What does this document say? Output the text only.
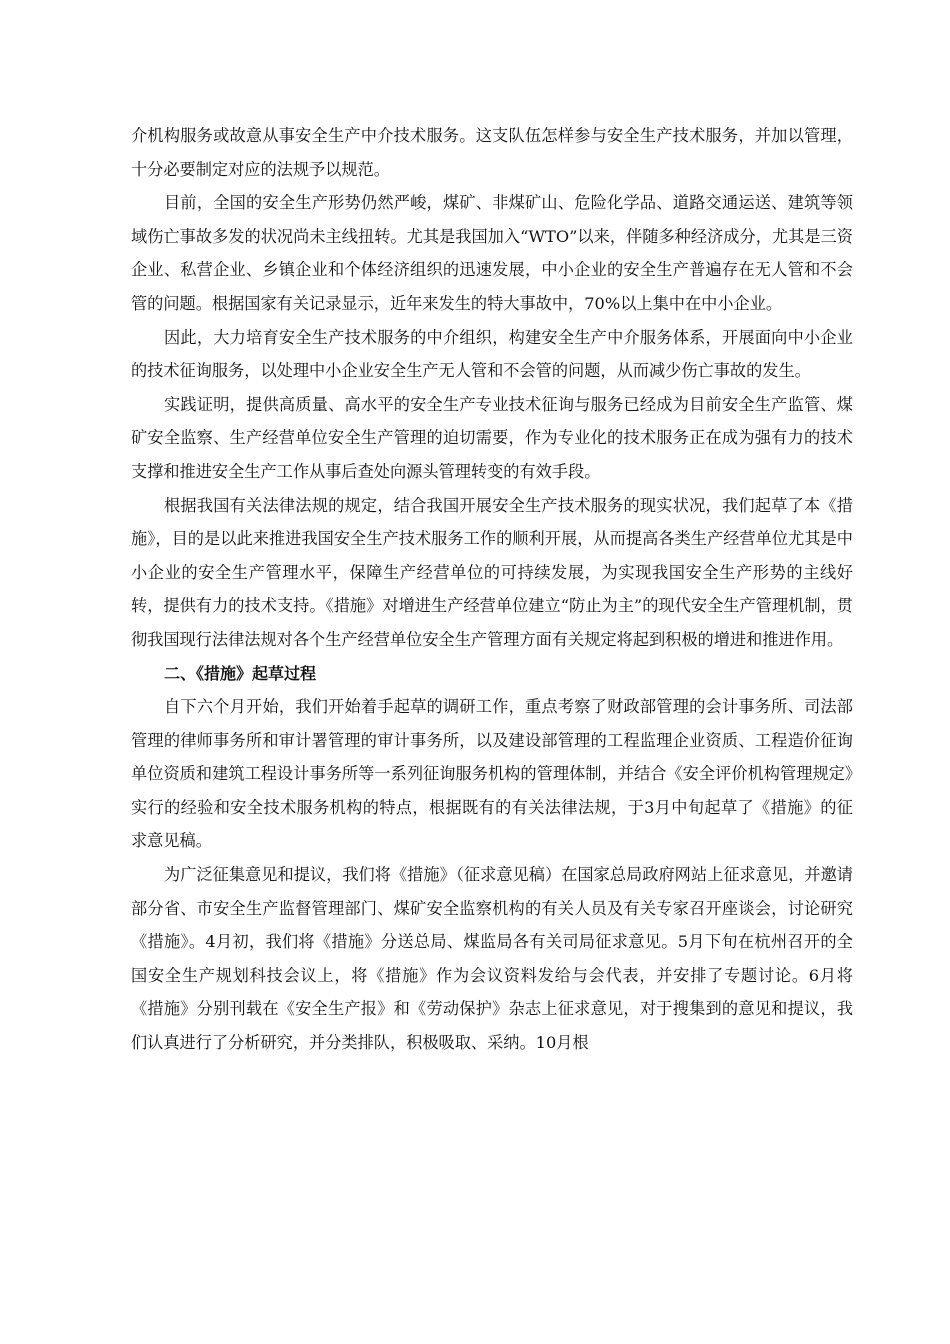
介机构服务或故意从事安全生产中介技术服务。这支队伍怎样参与安全生产技术服务，并加以管理，十分必要制定对应的法规予以规范。

目前，全国的安全生产形势仍然严峻，煤矿、非煤矿山、危险化学品、道路交通运送、建筑等领域伤亡事故多发的状况尚未主线扭转。尤其是我国加入“WTO”以来，伴随多种经济成分，尤其是三资企业、私营企业、乡镇企业和个体经济组织的迅速发展，中小企业的安全生产普遍存在无人管和不会管的问题。根据国家有关记录显示，近年来发生的特大事故中，70%以上集中在中小企业。

因此，大力培育安全生产技术服务的中介组织，构建安全生产中介服务体系，开展面向中小企业的技术征询服务，以处理中小企业安全生产无人管和不会管的问题，从而减少伤亡事故的发生。

实践证明，提供高质量、高水平的安全生产专业技术征询与服务已经成为目前安全生产监管、煤矿安全监察、生产经营单位安全生产管理的迫切需要，作为专业化的技术服务正在成为强有力的技术支撑和推进安全生产工作从事后查处向源头管理转变的有效手段。

根据我国有关法律法规的规定，结合我国开展安全生产技术服务的现实状况，我们起草了本《措施》，目的是以此来推进我国安全生产技术服务工作的顺利开展，从而提高各类生产经营单位尤其是中小企业的安全生产管理水平，保障生产经营单位的可持续发展，为实现我国安全生产形势的主线好转，提供有力的技术支持。《措施》对增进生产经营单位建立“防止为主”的现代安全生产管理机制，贯彻我国现行法律法规对各个生产经营单位安全生产管理方面有关规定将起到积极的增进和推进作用。

二、《措施》起草过程

自下六个月开始，我们开始着手起草的调研工作，重点考察了财政部管理的会计事务所、司法部管理的律师事务所和审计署管理的审计事务所，以及建设部管理的工程监理企业资质、工程造价征询单位资质和建筑工程设计事务所等一系列征询服务机构的管理体制，并结合《安全评价机构管理规定》实行的经验和安全技术服务机构的特点，根据既有的有关法律法规，于3月中旬起草了《措施》的征求意见稿。

为广泛征集意见和提议，我们将《措施》（征求意见稿）在国家总局政府网站上征求意见，并邀请部分省、市安全生产监督管理部门、煤矿安全监察机构的有关人员及有关专家召开座谈会，讨论研究《措施》。4月初，我们将《措施》分送总局、煤监局各有关司局征求意见。5月下旬在杭州召开的全国安全生产规划科技会议上，将《措施》作为会议资料发给与会代表，并安排了专题讨论。6月将《措施》分别刊载在《安全生产报》和《劳动保护》杂志上征求意见，对于搜集到的意见和提议，我们认真进行了分析研究，并分类排队，积极吸取、采纳。10月根
